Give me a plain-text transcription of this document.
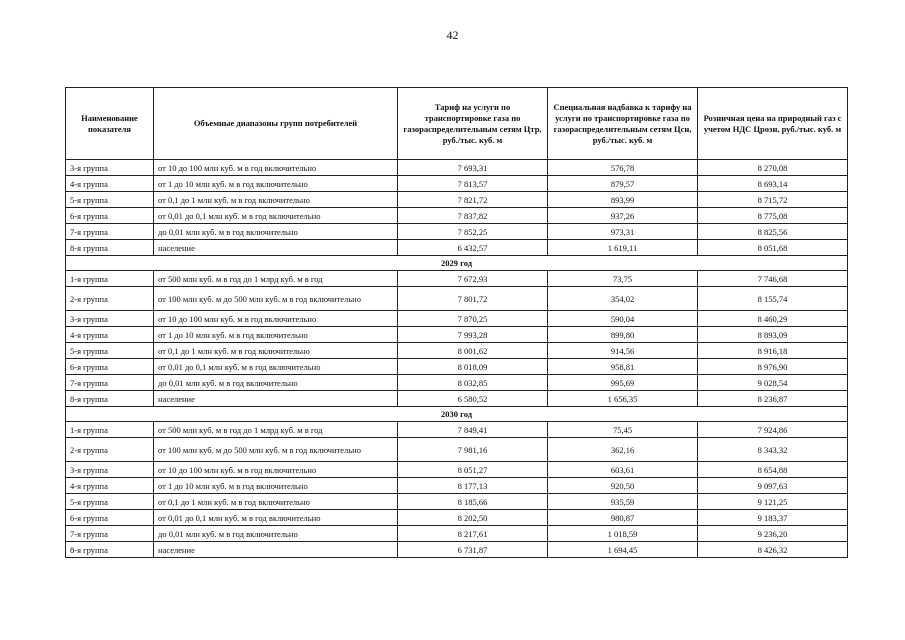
42
Наименование показателя	Объемные диапазоны групп потребителей	Тариф на услуги по транспортировке газа по газораспределительным сетям Цтр, руб./тыс. куб. м	Специальная надбавка к тарифу на услуги по транспортировке газа по газораспределительным сетям Цсн, руб./тыс. куб. м	Розничная цена на природный газ с учетом НДС Црозн, руб./тыс. куб. м
3-я группа	от 10 до 100 млн куб. м в год включительно	7 693,31	576,78	8 270,08
4-я группа	от 1 до 10 млн куб. м в год включительно	7 813,57	879,57	8 693,14
5-я группа	от 0,1 до 1 млн куб. м в год включительно	7 821,72	893,99	8 715,72
6-я группа	от 0,01 до 0,1 млн куб. м в год включительно	7 837,82	937,26	8 775,08
7-я группа	до 0,01 млн куб. м в год включительно	7 852,25	973,31	8 825,56
8-я группа	население	6 432,57	1 619,11	8 051,68
2029 год				
1-я группа	от 500 млн куб. м в год до 1 млрд куб. м в год	7 672,93	73,75	7 746,68
2-я группа	от 100 млн куб. м до 500 млн куб. м в год включительно	7 801,72	354,02	8 155,74
3-я группа	от 10 до 100 млн куб. м в год включительно	7 870,25	590,04	8 460,29
4-я группа	от 1 до 10 млн куб. м в год включительно	7 993,28	899,80	8 893,09
5-я группа	от 0,1 до 1 млн куб. м в год включительно	8 001,62	914,56	8 916,18
6-я группа	от 0,01 до 0,1 млн куб. м в год включительно	8 018,09	958,81	8 976,90
7-я группа	до 0,01 млн куб. м в год включительно	8 032,85	995,69	9 028,54
8-я группа	население	6 580,52	1 656,35	8 236,87
2030 год				
1-я группа	от 500 млн куб. м в год до 1 млрд куб. м в год	7 849,41	75,45	7 924,86
2-я группа	от 100 млн куб. м до 500 млн куб. м в год включительно	7 981,16	362,16	8 343,32
3-я группа	от 10 до 100 млн куб. м в год включительно	8 051,27	603,61	8 654,88
4-я группа	от 1 до 10 млн куб. м в год включительно	8 177,13	920,50	9 097,63
5-я группа	от 0,1 до 1 млн куб. м в год включительно	8 185,66	935,59	9 121,25
6-я группа	от 0,01 до 0,1 млн куб. м в год включительно	8 202,50	980,87	9 183,37
7-я группа	до 0,01 млн куб. м в год включительно	8 217,61	1 018,59	9 236,20
8-я группа	население	6 731,87	1 694,45	8 426,32
